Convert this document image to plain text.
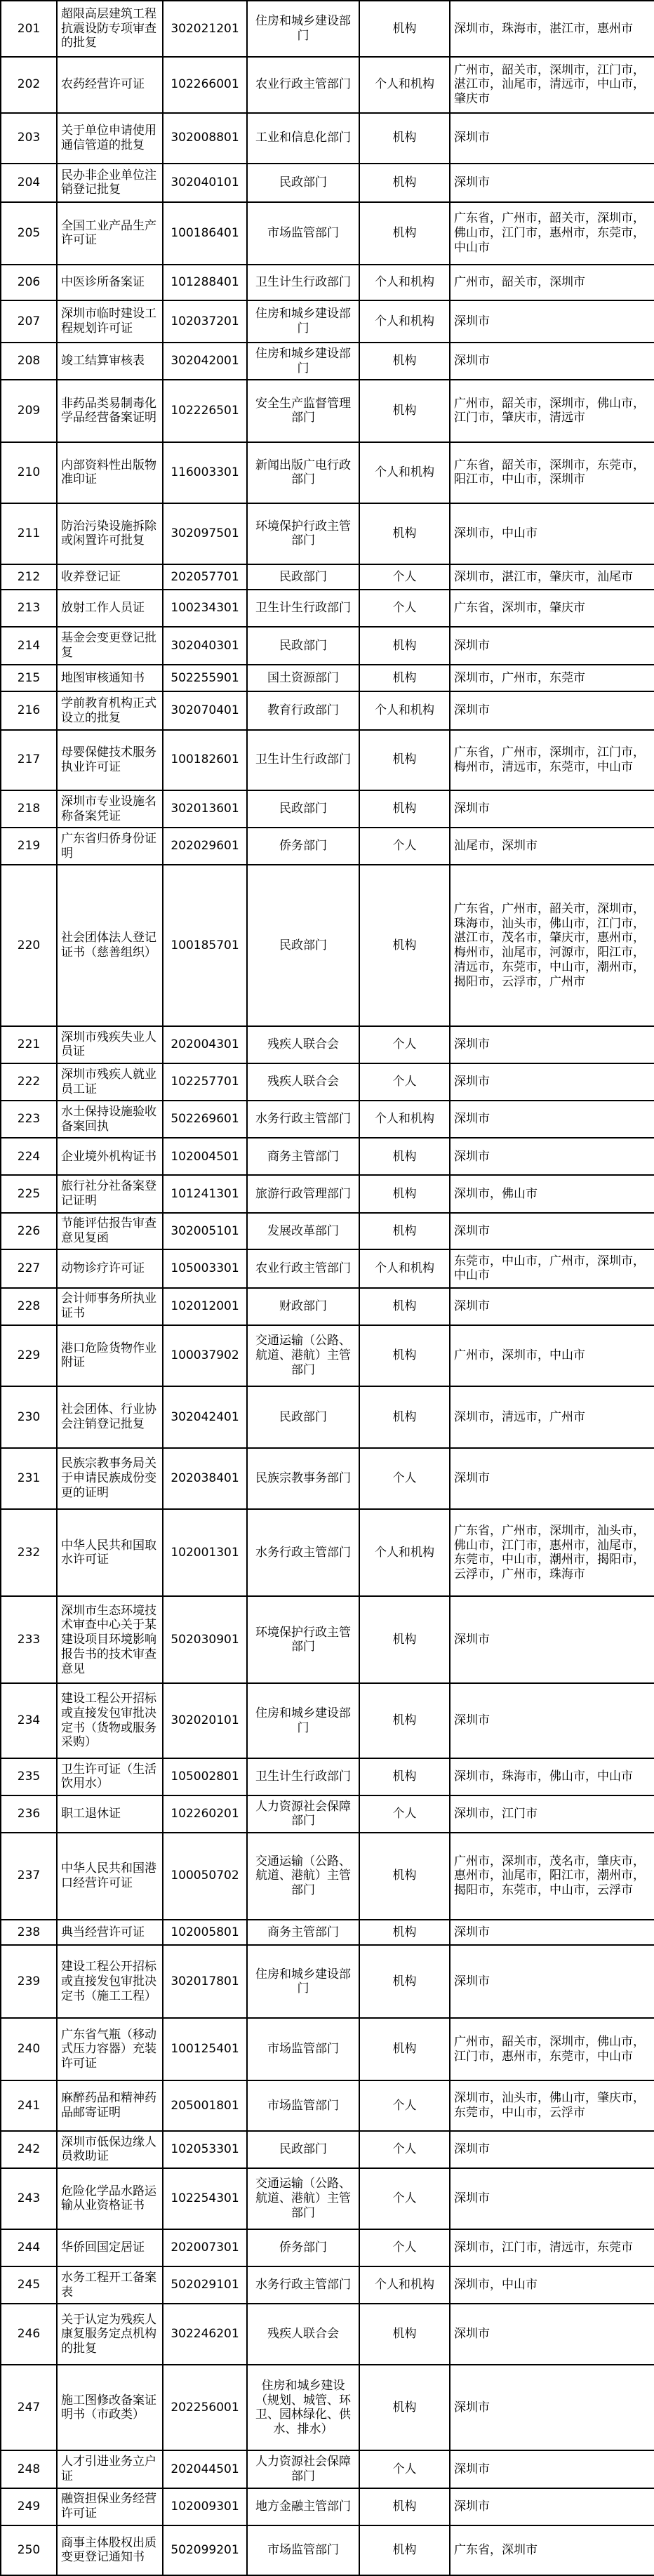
201	超限高层建筑工程抗震设防专项审查的批复	302021201	住房和城乡建设部门	机构	深圳市，珠海市，湛江市，惠州市
202	农药经营许可证	102266001	农业行政主管部门	个人和机构	广州市，韶关市，深圳市，江门市，湛江市，汕尾市，清远市，中山市，肇庆市
203	关于单位申请使用通信管道的批复	302008801	工业和信息化部门	机构	深圳市
204	民办非企业单位注销登记批复	302040101	民政部门	机构	深圳市
205	全国工业产品生产许可证	100186401	市场监管部门	机构	广东省，广州市，韶关市，深圳市，佛山市，江门市，惠州市，东莞市，中山市
206	中医诊所备案证	101288401	卫生计生行政部门	个人和机构	广州市，韶关市，深圳市
207	深圳市临时建设工程规划许可证	102037201	住房和城乡建设部门	个人和机构	深圳市
208	竣工结算审核表	302042001	住房和城乡建设部门	机构	深圳市
209	非药品类易制毒化学品经营备案证明	102226501	安全生产监督管理部门	机构	广州市，韶关市，深圳市，佛山市，江门市，肇庆市，清远市
210	内部资料性出版物准印证	116003301	新闻出版广电行政部门	个人和机构	广东省，韶关市，深圳市，东莞市，阳江市，中山市，深圳市
211	防治污染设施拆除或闲置许可批复	302097501	环境保护行政主管部门	机构	深圳市，中山市
212	收养登记证	202057701	民政部门	个人	深圳市，湛江市，肇庆市，汕尾市
213	放射工作人员证	100234301	卫生计生行政部门	个人	广东省，深圳市，肇庆市
214	基金会变更登记批复	302040301	民政部门	机构	深圳市
215	地图审核通知书	502255901	国土资源部门	机构	深圳市，广州市，东莞市
216	学前教育机构正式设立的批复	302070401	教育行政部门	个人和机构	深圳市
217	母婴保健技术服务执业许可证	100182601	卫生计生行政部门	机构	广东省，广州市，深圳市，江门市，梅州市，清远市，东莞市，中山市
218	深圳市专业设施名称备案凭证	302013601	民政部门	机构	深圳市
219	广东省归侨身份证明	202029601	侨务部门	个人	汕尾市，深圳市
220	社会团体法人登记证书（慈善组织）	100185701	民政部门	机构	广东省，广州市，韶关市，深圳市，珠海市，汕头市，佛山市，江门市，湛江市，茂名市，肇庆市，惠州市，梅州市，汕尾市，河源市，阳江市，清远市，东莞市，中山市，潮州市，揭阳市，云浮市，广州市
221	深圳市残疾失业人员证	202004301	残疾人联合会	个人	深圳市
222	深圳市残疾人就业员工证	102257701	残疾人联合会	个人	深圳市
223	水土保持设施验收备案回执	502269601	水务行政主管部门	个人和机构	深圳市
224	企业境外机构证书	102004501	商务主管部门	机构	深圳市
225	旅行社分社备案登记证明	101241301	旅游行政管理部门	机构	深圳市，佛山市
226	节能评估报告审查意见复函	302005101	发展改革部门	机构	深圳市
227	动物诊疗许可证	105003301	农业行政主管部门	个人和机构	东莞市，中山市，广州市，深圳市，中山市
228	会计师事务所执业证书	102012001	财政部门	机构	深圳市
229	港口危险货物作业附证	100037902	交通运输（公路、航道、港航）主管部门	机构	广州市，深圳市，中山市
230	社会团体、行业协会注销登记批复	302042401	民政部门	机构	深圳市，清远市，广州市
231	民族宗教事务局关于申请民族成份变更的证明	202038401	民族宗教事务部门	个人	深圳市
232	中华人民共和国取水许可证	102001301	水务行政主管部门	个人和机构	广东省，广州市，深圳市，汕头市，佛山市，江门市，惠州市，汕尾市，东莞市，中山市，潮州市，揭阳市，云浮市，广州市，珠海市
233	深圳市生态环境技术审查中心关于某建设项目环境影响报告书的技术审查意见	502030901	环境保护行政主管部门	机构	深圳市
234	建设工程公开招标或直接发包审批决定书（货物或服务采购）	302020101	住房和城乡建设部门	机构	深圳市
235	卫生许可证（生活饮用水）	105002801	卫生计生行政部门	机构	深圳市，珠海市，佛山市，中山市
236	职工退休证	102260201	人力资源社会保障部门	个人	深圳市，江门市
237	中华人民共和国港口经营许可证	100050702	交通运输（公路、航道、港航）主管部门	机构	广州市，深圳市，茂名市，肇庆市，惠州市，汕尾市，阳江市，潮州市，揭阳市，东莞市，中山市，云浮市
238	典当经营许可证	102005801	商务主管部门	机构	深圳市
239	建设工程公开招标或直接发包审批决定书（施工工程）	302017801	住房和城乡建设部门	机构	深圳市
240	广东省气瓶（移动式压力容器）充装许可证	100125401	市场监管部门	机构	广州市，韶关市，深圳市，佛山市，江门市，惠州市，东莞市，中山市
241	麻醉药品和精神药品邮寄证明	205001801	市场监管部门	个人	深圳市，汕头市，佛山市，肇庆市，东莞市，中山市，云浮市
242	深圳市低保边缘人员救助证	102053301	民政部门	个人	深圳市
243	危险化学品水路运输从业资格证书	102254301	交通运输（公路、航道、港航）主管部门	个人	深圳市
244	华侨回国定居证	202007301	侨务部门	个人	深圳市，江门市，清远市，东莞市
245	水务工程开工备案表	502029101	水务行政主管部门	个人和机构	深圳市，中山市
246	关于认定为残疾人康复服务定点机构的批复	302246201	残疾人联合会	机构	深圳市
247	施工图修改备案证明书（市政类）	202256001	住房和城乡建设（规划、城管、环卫、园林绿化、供水、排水）	机构	深圳市
248	人才引进业务立户证	202044501	人力资源社会保障部门	个人	深圳市
249	融资担保业务经营许可证	102009301	地方金融主管部门	机构	深圳市
250	商事主体股权出质变更登记通知书	502099201	市场监管部门	机构	广东省，深圳市
